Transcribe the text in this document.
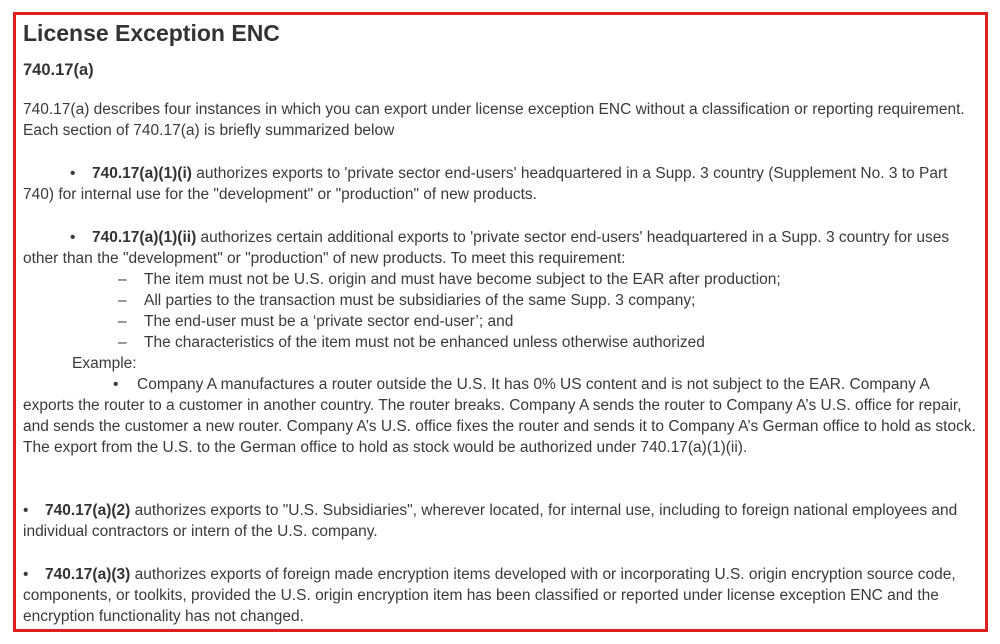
License Exception ENC
740.17(a)

740.17(a) describes four instances in which you can export under license exception ENC without a classification or reporting requirement. Each section of 740.17(a) is briefly summarized below

• 740.17(a)(1)(i) authorizes exports to 'private sector end-users' headquartered in a Supp. 3 country (Supplement No. 3 to Part 740) for internal use for the "development" or "production" of new products.

• 740.17(a)(1)(ii) authorizes certain additional exports to 'private sector end-users' headquartered in a Supp. 3 country for uses other than the "development" or "production" of new products. To meet this requirement:

–	The item must not be U.S. origin and must have become subject to the EAR after production;
–	All parties to the transaction must be subsidiaries of the same Supp. 3 company;
–	The end-user must be a ‘private sector end-user’; and
–	The characteristics of the item must not be enhanced unless otherwise authorized
Example:

• Company A manufactures a router outside the U.S. It has 0% US content and is not subject to the EAR. Company A exports the router to a customer in another country. The router breaks. Company A sends the router to Company A’s U.S. office for repair, and sends the customer a new router. Company A’s U.S. office fixes the router and sends it to Company A’s German office to hold as stock. The export from the U.S. to the German office to hold as stock would be authorized under 740.17(a)(1)(ii).

• 740.17(a)(2) authorizes exports to "U.S. Subsidiaries", wherever located, for internal use, including to foreign national employees and individual contractors or intern of the U.S. company.

• 740.17(a)(3) authorizes exports of foreign made encryption items developed with or incorporating U.S. origin encryption source code, components, or toolkits, provided the U.S. origin encryption item has been classified or reported under license exception ENC and the encryption functionality has not changed.
